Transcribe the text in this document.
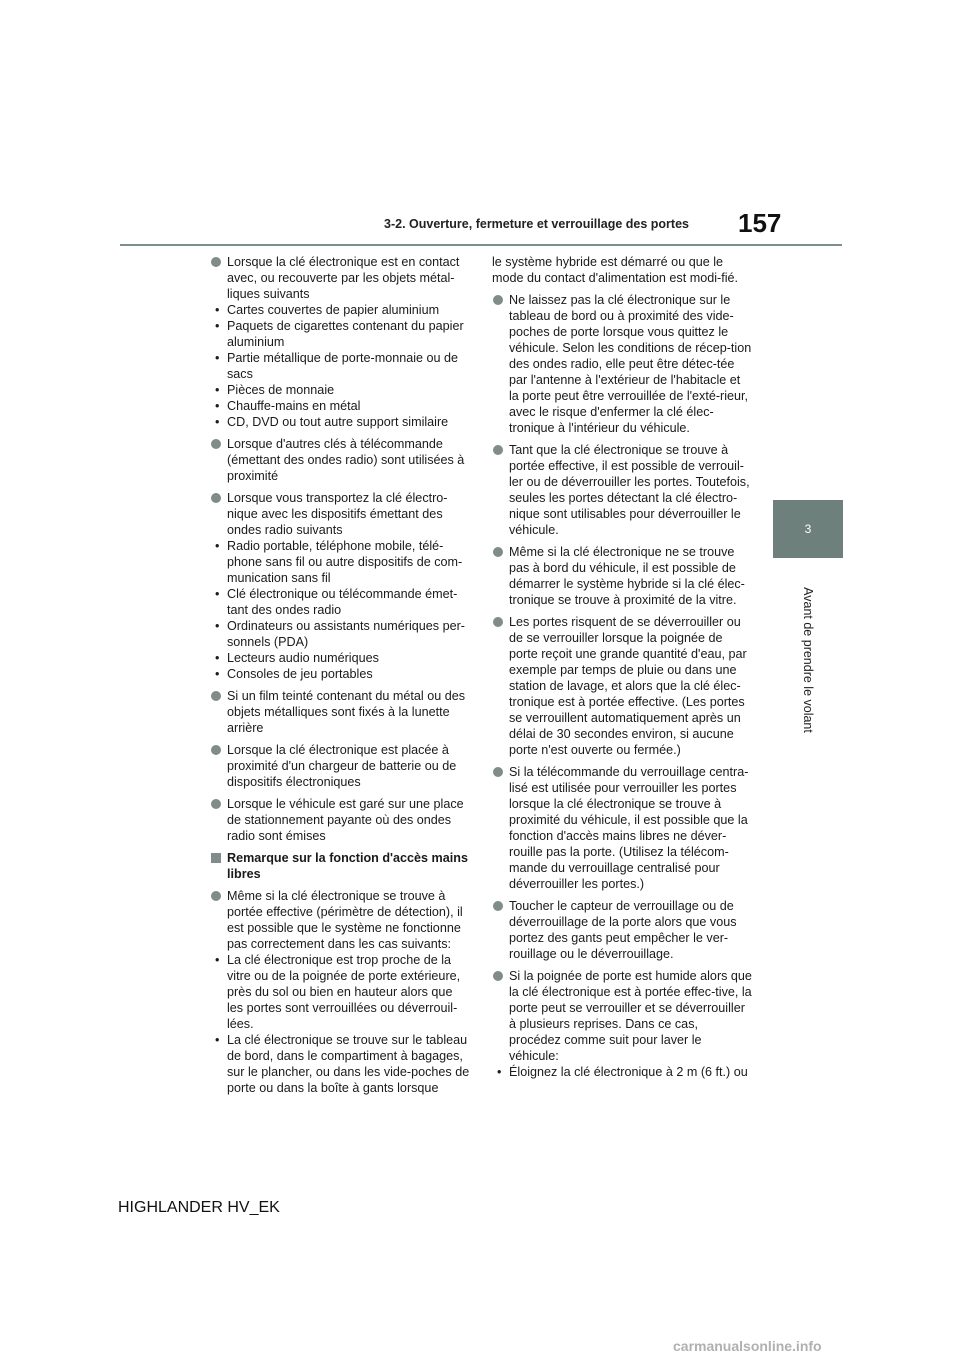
3-2. Ouverture, fermeture et verrouillage des portes 157
3
Avant de prendre le volant
Lorsque la clé électronique est en contact avec, ou recouverte par les objets métal-liques suivants
• Cartes couvertes de papier aluminium
• Paquets de cigarettes contenant du papier aluminium
• Partie métallique de porte-monnaie ou de sacs
• Pièces de monnaie
• Chauffe-mains en métal
• CD, DVD ou tout autre support similaire
Lorsque d'autres clés à télécommande (émettant des ondes radio) sont utilisées à proximité
Lorsque vous transportez la clé électro-nique avec les dispositifs émettant des ondes radio suivants
• Radio portable, téléphone mobile, télé-phone sans fil ou autre dispositifs de com-munication sans fil
• Clé électronique ou télécommande émet-tant des ondes radio
• Ordinateurs ou assistants numériques per-sonnels (PDA)
• Lecteurs audio numériques
• Consoles de jeu portables
Si un film teinté contenant du métal ou des objets métalliques sont fixés à la lunette arrière
Lorsque la clé électronique est placée à proximité d'un chargeur de batterie ou de dispositifs électroniques
Lorsque le véhicule est garé sur une place de stationnement payante où des ondes radio sont émises
Remarque sur la fonction d'accès mains libres
Même si la clé électronique se trouve à portée effective (périmètre de détection), il est possible que le système ne fonctionne pas correctement dans les cas suivants:
• La clé électronique est trop proche de la vitre ou de la poignée de porte extérieure, près du sol ou bien en hauteur alors que les portes sont verrouillées ou déverrouil-lées.
• La clé électronique se trouve sur le tableau de bord, dans le compartiment à bagages, sur le plancher, ou dans les vide-poches de porte ou dans la boîte à gants lorsque
le système hybride est démarré ou que le mode du contact d'alimentation est modi-fié.
Ne laissez pas la clé électronique sur le tableau de bord ou à proximité des vide-poches de porte lorsque vous quittez le véhicule. Selon les conditions de récep-tion des ondes radio, elle peut être détec-tée par l'antenne à l'extérieur de l'habitacle et la porte peut être verrouillée de l'exté-rieur, avec le risque d'enfermer la clé élec-tronique à l'intérieur du véhicule.
Tant que la clé électronique se trouve à portée effective, il est possible de verrouil-ler ou de déverrouiller les portes. Toutefois, seules les portes détectant la clé électro-nique sont utilisables pour déverrouiller le véhicule.
Même si la clé électronique ne se trouve pas à bord du véhicule, il est possible de démarrer le système hybride si la clé élec-tronique se trouve à proximité de la vitre.
Les portes risquent de se déverrouiller ou de se verrouiller lorsque la poignée de porte reçoit une grande quantité d'eau, par exemple par temps de pluie ou dans une station de lavage, et alors que la clé élec-tronique est à portée effective. (Les portes se verrouillent automatiquement après un délai de 30 secondes environ, si aucune porte n'est ouverte ou fermée.)
Si la télécommande du verrouillage centra-lisé est utilisée pour verrouiller les portes lorsque la clé électronique se trouve à proximité du véhicule, il est possible que la fonction d'accès mains libres ne déver-rouille pas la porte. (Utilisez la télécom-mande du verrouillage centralisé pour déverrouiller les portes.)
Toucher le capteur de verrouillage ou de déverrouillage de la porte alors que vous portez des gants peut empêcher le ver-rouillage ou le déverrouillage.
Si la poignée de porte est humide alors que la clé électronique est à portée effec-tive, la porte peut se verrouiller et se déverrouiller à plusieurs reprises. Dans ce cas, procédez comme suit pour laver le véhicule:
• Éloignez la clé électronique à 2 m (6 ft.) ou
HIGHLANDER HV_EK
carmanualsonline.info
